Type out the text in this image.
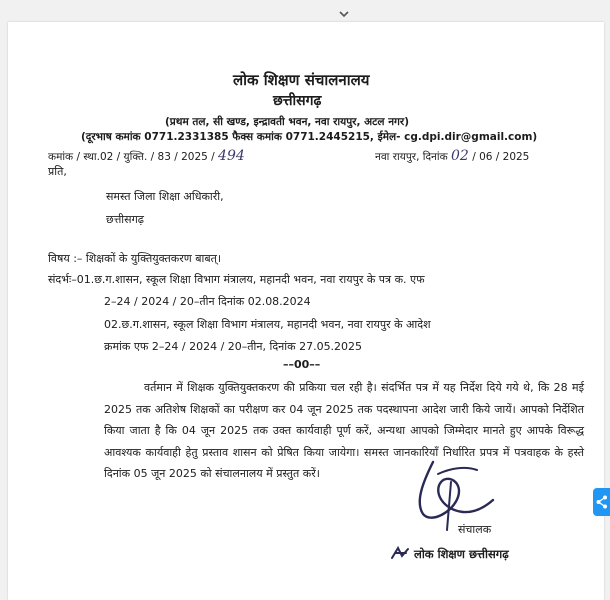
लोक शिक्षण संचालनालय
छत्तीसगढ़
(प्रथम तल, सी खण्ड, इन्द्रावती भवन, नवा रायपुर, अटल नगर)
(दूरभाष कमांक 0771.2331385 फैक्स कमांक 0771.2445215, ईमेल- cg.dpi.dir@gmail.com)
कमांक / स्था.02 / युक्ति. / 83 / 2025 / 494	नवा रायपुर, दिनांक 02 / 06 / 2025
प्रति,
समस्त जिला शिक्षा अधिकारी,
छत्तीसगढ़
विषय :– शिक्षकों के युक्तियुक्तकरण बाबत्।
संदर्भः–01.छ.ग.शासन, स्कूल शिक्षा विभाग मंत्रालय, महानदी भवन, नवा रायपुर के पत्र क. एफ
2–24 / 2024 / 20–तीन दिनांक 02.08.2024
02.छ.ग.शासन, स्कूल शिक्षा विभाग मंत्रालय, महानदी भवन, नवा रायपुर के आदेश
क्रमांक एफ 2–24 / 2024 / 20–तीन, दिनांक 27.05.2025
––00––
वर्तमान में शिक्षक युक्तियुक्तकरण की प्रकिया चल रही है। संदर्भित पत्र में यह निर्देश दिये गये थे, कि 28 मई 2025 तक अतिशेष शिक्षकों का परीक्षण कर 04 जून 2025 तक पदस्थापना आदेश जारी किये जायें। आपको निर्देशित किया जाता है कि 04 जून 2025 तक उक्त कार्यवाही पूर्ण करें, अन्यथा आपको जिम्मेदार मानते हुए आपके विरूद्ध आवश्यक कार्यवाही हेतु प्रस्ताव शासन को प्रेषित किया जायेगा। समस्त जानकारियाँ निर्धारित प्रपत्र में पत्रवाहक के हस्ते दिनांक 05 जून 2025 को संचालनालय में प्रस्तुत करें।
संचालक
लोक शिक्षण छत्तीसगढ़
